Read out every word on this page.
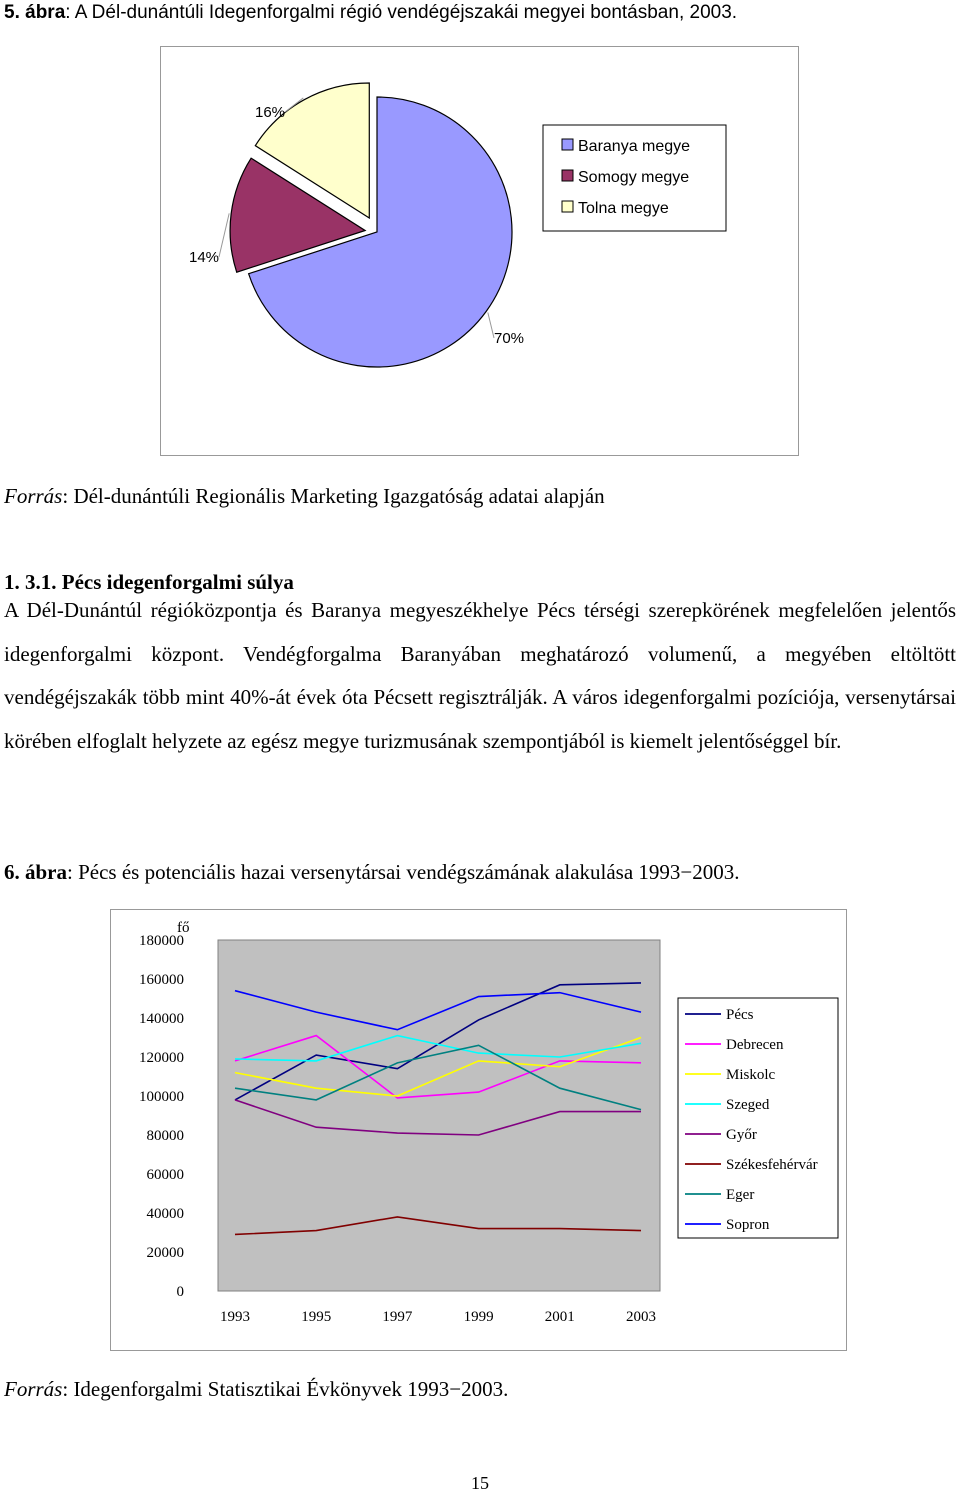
5. ábra: A Dél-dunántúli Idegenforgalmi régió vendégéjszakái megyei bontásban, 2003.
70%
14%
16%
Baranya megye
Somogy megye
Tolna megye
Forrás: Dél-dunántúli Regionális Marketing Igazgatóság adatai alapján
1. 3.1. Pécs idegenforgalmi súlya
A Dél-Dunántúl régióközpontja és Baranya megyeszékhelye Pécs térségi szerepkörének megfelelően jelentős idegenforgalmi központ. Vendégforgalma Baranyában meghatározó volumenű, a megyében eltöltött vendégéjszakák több mint 40%-át évek óta Pécsett regisztrálják. A város idegenforgalmi pozíciója, versenytársai körében elfoglalt helyzete az egész megye turizmusának szempontjából is kiemelt jelentőséggel bír.
6. ábra: Pécs és potenciális hazai versenytársai vendégszámának alakulása 1993−2003.
0
20000
40000
60000
80000
100000
120000
140000
160000
180000
fő
1993	1995	1997	1999	2001	2003
Pécs
Debrecen
Miskolc
Szeged
Győr
Székesfehérvár
Eger
Sopron
Forrás: Idegenforgalmi Statisztikai Évkönyvek 1993−2003.
15
